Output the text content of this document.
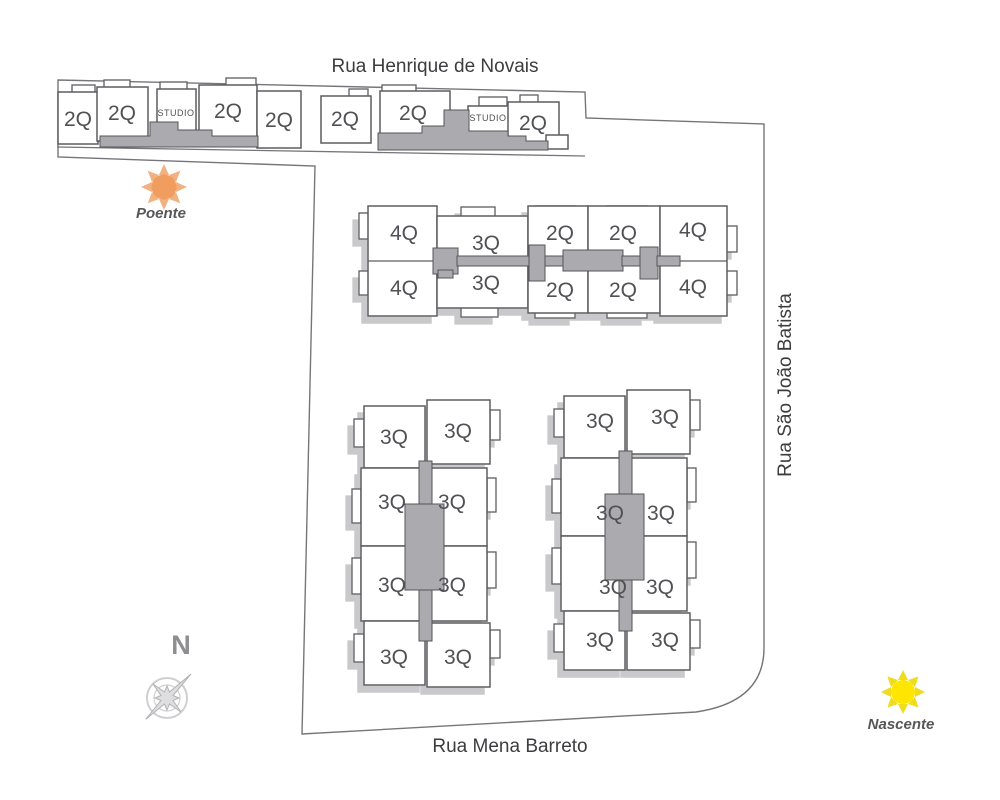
2Q 2Q STUDIO 2Q 2Q 2Q 2Q	STUDIO 2Q
4Q	3Q 2Q 2Q 4Q
4Q	3Q 2Q 2Q 4Q
3Q 3Q
3Q 3Q
3Q 3Q
3Q 3Q
3Q 3Q
3Q 3Q
3Q 3Q
3Q 3Q
Rua Henrique de Novais
Rua São João Batista
Rua Mena Barreto
Poente
Nascente
N
